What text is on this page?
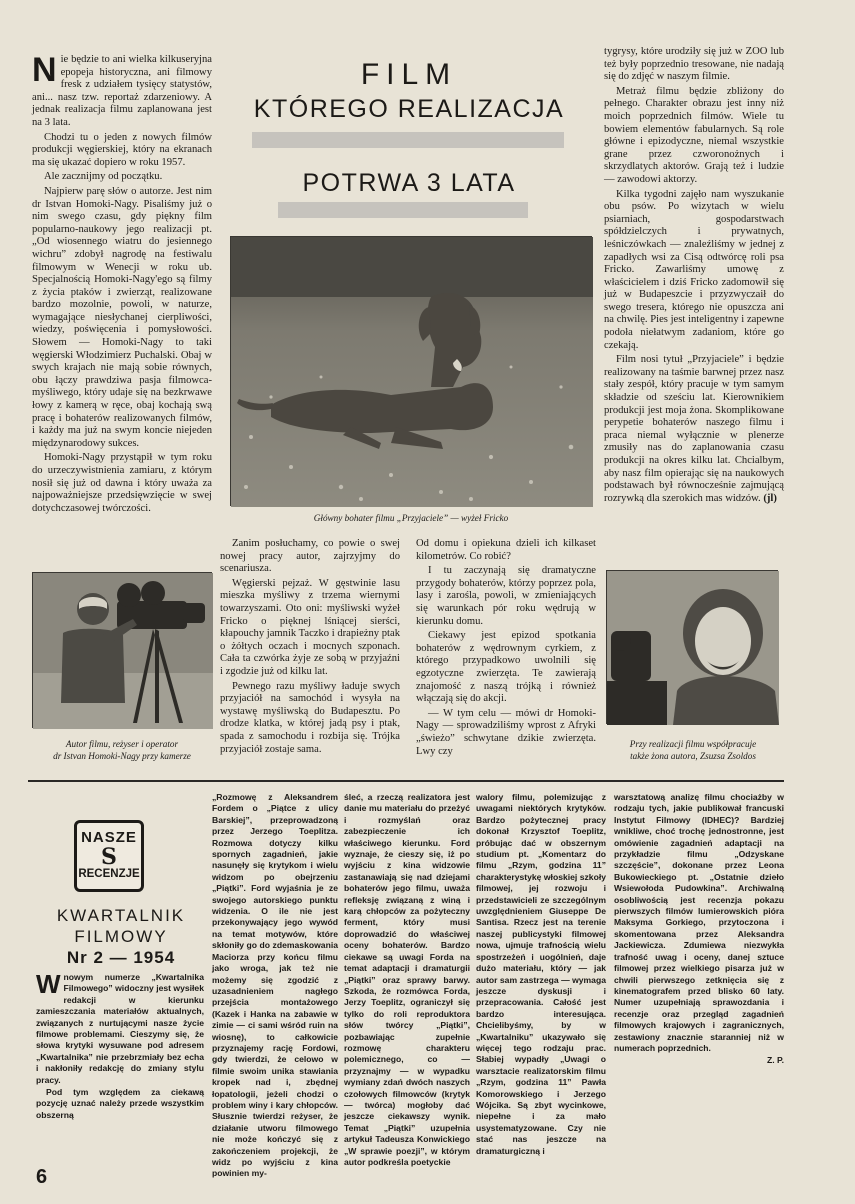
Nie będzie to ani wielka kilkuseryjna epopeja historyczna, ani filmowy fresk z udziałem tysięcy statystów, ani... nasz tzw. reportaż zdarzeniowy. A jednak realizacja filmu zaplanowana jest na 3 lata.

Chodzi tu o jeden z nowych filmów produkcji węgierskiej, który na ekranach ma się ukazać dopiero w roku 1957.

Ale zacznijmy od początku.

Najpierw parę słów o autorze. Jest nim dr Istvan Homoki-Nagy. Pisaliśmy już o nim swego czasu, gdy piękny film popularno-naukowy jego realizacji pt. „Od wiosennego wiatru do jesiennego wichru” zdobył nagrodę na festiwalu filmowym w Wenecji w roku ub. Specjalnością Homoki-Nagy'ego są filmy z życia ptaków i zwierząt, realizowane bardzo mozolnie, powoli, w naturze, wymagające niesłychanej cierpliwości, wiedzy, poświęcenia i pomysłowości. Słowem — Homoki-Nagy to taki węgierski Włodzimierz Puchalski. Obaj w swych krajach nie mają sobie równych, obu łączy prawdziwa pasja filmowca-myśliwego, który udaje się na bezkrwawe łowy z kamerą w ręce, obaj kochają swą pracę i bohaterów realizowanych filmów, i każdy ma już na swym koncie niejeden międzynarodowy sukces.

Homoki-Nagy przystąpił w tym roku do urzeczywistnienia zamiaru, z którym nosił się już od dawna i który uważa za najpoważniejsze przedsięwzięcie w swej dotychczasowej twórczości.

FILM
KTÓREGO REALIZACJA
POTRWA 3 LATA
Główny bohater filmu „Przyjaciele” — wyżeł Fricko

Zanim posłuchamy, co powie o swej nowej pracy autor, zajrzyjmy do scenariusza.

Węgierski pejzaż. W gęstwinie lasu mieszka myśliwy z trzema wiernymi towarzyszami. Oto oni: myśliwski wyżeł Fricko o pięknej lśniącej sierści, kłapouchy jamnik Taczko i drapieżny ptak o żółtych oczach i mocnych szponach. Cała ta czwórka żyje ze sobą w przyjaźni i zgodzie już od kilku lat.

Pewnego razu myśliwy ładuje swych przyjaciół na samochód i wysyła na wystawę myśliwską do Budapesztu. Po drodze klatka, w której jadą psy i ptak, spada z samochodu i rozbija się. Trójka przyjaciół zostaje sama.

Od domu i opiekuna dzieli ich kilkaset kilometrów. Co robić?

I tu zaczynają się dramatyczne przygody bohaterów, którzy poprzez pola, lasy i zarośla, powoli, w zmieniających się warunkach pór roku wędrują w kierunku domu.

Ciekawy jest epizod spotkania bohaterów z wędrownym cyrkiem, z którego przypadkowo uwolnili się egzotyczne zwierzęta. Te zawierają znajomość z naszą trójką i również włączają się do akcji.

— W tym celu — mówi dr Homoki-Nagy — sprowadziliśmy wprost z Afryki „świeżo” schwytane dzikie zwierzęta. Lwy czy

tygrysy, które urodziły się już w ZOO lub też były poprzednio tresowane, nie nadają się do zdjęć w naszym filmie.

Metraż filmu będzie zbliżony do pełnego. Charakter obrazu jest inny niż moich poprzednich filmów. Wiele tu bowiem elementów fabularnych. Są role główne i epizodyczne, niemal wszystkie grane przez czworonożnych i skrzydlatych aktorów. Grają też i ludzie — zawodowi aktorzy.

Kilka tygodni zajęło nam wyszukanie obu psów. Po wizytach w wielu psiarniach, gospodarstwach spółdzielczych i prywatnych, leśniczówkach — znaleźliśmy w jednej z zapadłych wsi za Cisą odtwórcę roli psa Fricko. Zawarliśmy umowę z właścicielem i dziś Fricko zadomowił się już w Budapeszcie i przyzwyczaił do swego tresera, którego nie opuszcza ani na chwilę. Pies jest inteligentny i zapewne podoła niełatwym zadaniom, które go czekają.

Film nosi tytuł „Przyjaciele” i będzie realizowany na taśmie barwnej przez nasz stały zespół, który pracuje w tym samym składzie od sześciu lat. Kierownikiem produkcji jest moja żona. Skomplikowane perypetie bohaterów naszego filmu i praca niemal wyłącznie w plenerze zmusiły nas do zaplanowania czasu produkcji na okres kilku lat. Chcialbym, aby nasz film opierając się na naukowych podstawach był równocześnie zajmującą rozrywką dla szerokich mas widzów. (jl)

Autor filmu, reżyser i operator
dr Istvan Homoki-Nagy przy kamerze
Przy realizacji filmu współpracuje
także żona autora, Zsuzsa Zsoldos
NASZE
S
RECENZJE
KWARTALNIK
FILMOWY
Nr 2 — 1954

Wnowym numerze „Kwartalnika Filmowego” widoczny jest wysiłek redakcji w kierunku zamieszczania materiałów aktualnych, związanych z nurtującymi nasze życie filmowe problemami. Cieszymy się, że słowa krytyki wysuwane pod adresem „Kwartalnika” nie przebrzmiały bez echa i nakłoniły redakcję do zmiany stylu pracy.

Pod tym względem za ciekawą pozycję uznać należy przede wszystkim obszerną

„Rozmowę z Aleksandrem Fordem o „Piątce z ulicy Barskiej”, przeprowadzoną przez Jerzego Toeplitza. Rozmowa dotyczy kilku spornych zagadnień, jakie nasunęły się krytykom i wielu widzom po obejrzeniu „Piątki”. Ford wyjaśnia je ze swojego autorskiego punktu widzenia. O ile nie jest przekonywający jego wywód na temat motywów, które skłoniły go do zdemaskowania Maciorza przy końcu filmu jako wroga, jak też nie możemy się zgodzić z uzasadnieniem nagłego przejścia montażowego (Kazek i Hanka na zabawie w zimie — ci sami wśród ruin na wiosnę), to całkowicie przyznajemy rację Fordowi, gdy twierdzi, że celowo w filmie swoim unika stawiania kropek nad i, zbędnej łopatologii, jeżeli chodzi o problem winy i kary chłopców. Słusznie twierdzi reżyser, że działanie utworu filmowego nie może kończyć się z zakończeniem projekcji, że widz po wyjściu z kina powinien my-

śleć, a rzeczą realizatora jest danie mu materiału do przeżyć i rozmyślań oraz zabezpieczenie ich właściwego kierunku. Ford wyznaje, że cieszy się, iż po wyjściu z kina widzowie zastanawiają się nad dziejami bohaterów jego filmu, uważa refleksję związaną z winą i karą chłopców za pożyteczny ferment, który musi doprowadzić do właściwej oceny bohaterów. Bardzo ciekawe są uwagi Forda na temat adaptacji i dramaturgii „Piątki” oraz sprawy barwy. Szkoda, że rozmówca Forda, Jerzy Toeplitz, ograniczył się tylko do roli reproduktora słów twórcy „Piątki”, pozbawiając zupełnie rozmowę charakteru polemicznego, co — przyznajmy — w wypadku wymiany zdań dwóch naszych czołowych filmowców (krytyk — twórca) mogłoby dać jeszcze ciekawszy wynik. Temat „Piątki” uzupełnia artykuł Tadeusza Konwickiego „W sprawie poezji”, w którym autor podkreśla poetyckie

walory filmu, polemizując z uwagami niektórych krytyków. Bardzo pożytecznej pracy dokonał Krzysztof Toeplitz, próbując dać w obszernym studium pt. „Komentarz do filmu „Rzym, godzina 11” charakterystykę włoskiej szkoły filmowej, jej rozwoju i przedstawicieli ze szczególnym uwzględnieniem Giuseppe De Santisa. Rzecz jest na terenie naszej publicystyki filmowej nowa, ujmuje trafnością wielu spostrzeżeń i uogólnień, daje dużo materiału, który — jak autor sam zastrzega — wymaga jeszcze dyskusji i przepracowania. Całość jest bardzo interesująca. Chcielibyśmy, by w „Kwartalniku” ukazywało się więcej tego rodzaju prac. Słabiej wypadły „Uwagi o warsztacie realizatorskim filmu „Rzym, godzina 11” Pawła Komorowskiego i Jerzego Wójcika. Są zbyt wycinkowe, niepełne i za mało usystematyzowane. Czy nie stać nas jeszcze na dramaturgiczną i

warsztatową analizę filmu chociażby w rodzaju tych, jakie publikował francuski Instytut Filmowy (IDHEC)? Bardziej wnikliwe, choć trochę jednostronne, jest omówienie zagadnień adaptacji na przykładzie filmu „Odzyskane szczęście”, dokonane przez Leona Bukowieckiego pt. „Ostatnie dzieło Wsiewołoda Pudowkina”. Archiwalną osobliwością jest recenzja pokazu pierwszych filmów lumierowskich pióra Maksyma Gorkiego, przytoczona i skomentowana przez Aleksandra Jackiewicza. Zdumiewa niezwykła trafność uwag i oceny, danej sztuce filmowej przez wielkiego pisarza już w chwili pierwszego zetknięcia się z kinematografem przed blisko 60 laty. Numer uzupełniają sprawozdania i recenzje oraz przegląd zagadnień filmowych krajowych i zagranicznych, zestawiony znacznie staranniej niż w numerach poprzednich.

Z. P.

6
